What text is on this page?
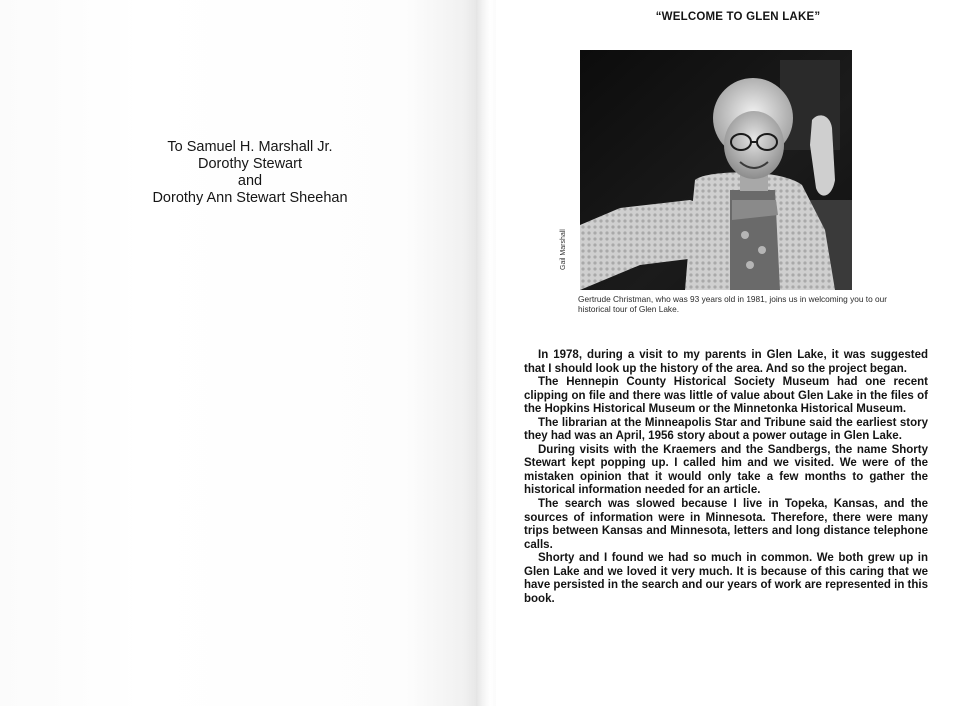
To Samuel H. Marshall Jr.
Dorothy Stewart
and
Dorothy Ann Stewart Sheehan
“WELCOME TO GLEN LAKE”
Gail Marshall
Gertrude Christman, who was 93 years old in 1981, joins us in welcoming you to our historical tour of Glen Lake.

In 1978, during a visit to my parents in Glen Lake, it was suggested that I should look up the history of the area. And so the project began.

The Hennepin County Historical Society Museum had one recent clipping on file and there was little of value about Glen Lake in the files of the Hopkins Historical Museum or the Minnetonka Historical Museum.

The librarian at the Minneapolis Star and Tribune said the earliest story they had was an April, 1956 story about a power outage in Glen Lake.

During visits with the Kraemers and the Sandbergs, the name Shorty Stewart kept popping up. I called him and we visited. We were of the mistaken opinion that it would only take a few months to gather the historical information needed for an article.

The search was slowed because I live in Topeka, Kansas, and the sources of information were in Minnesota. Therefore, there were many trips between Kansas and Minnesota, letters and long distance telephone calls.

Shorty and I found we had so much in common. We both grew up in Glen Lake and we loved it very much. It is because of this caring that we have persisted in the search and our years of work are represented in this book.
